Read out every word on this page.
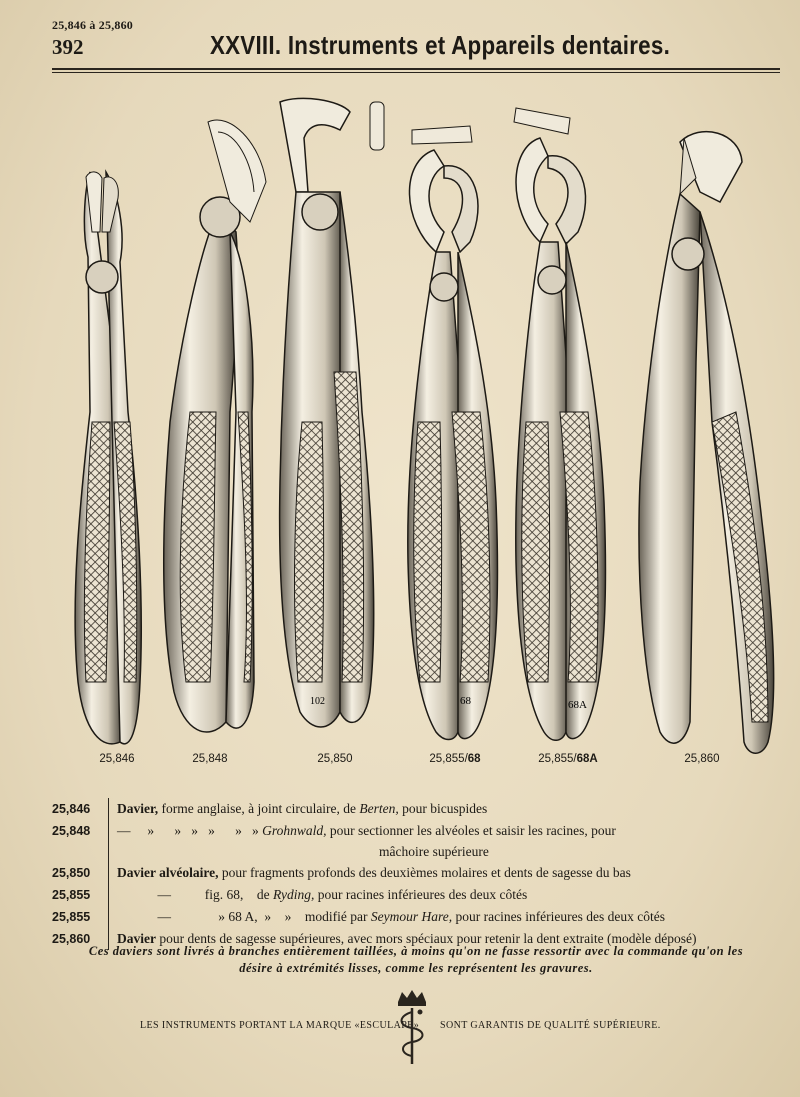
25,846 à 25,860
392	XXVIII. Instruments et Appareils dentaires.
102	68	68A
25,846	25,848	25,850	25,855/68	25,855/68A	25,860
25,846	Davier, forme anglaise, à joint circulaire, de Berten, pour bicuspides
25,848	—     »      »   »   »      »   » Grohnwald, pour sectionner les alvéoles et saisir les racines, pour
mâchoire supérieure
25,850	Davier alvéolaire, pour fragments profonds des deuxièmes molaires et dents de sagesse du bas
25,855	—          fig. 68,    de Ryding, pour racines inférieures des deux côtés
25,855	—              » 68 A,  »    »    modifié par Seymour Hare, pour racines inférieures des deux côtés
25,860	Davier pour dents de sagesse supérieures, avec mors spéciaux pour retenir la dent extraite (modèle déposé)
Ces daviers sont livrés à branches entièrement taillées, à moins qu'on ne fasse ressortir avec la commande qu'on les
désire à extrémités lisses, comme les représentent les gravures.
LES INSTRUMENTS PORTANT LA MARQUE «ESCULAPE» SONT GARANTIS DE QUALITÉ SUPÉRIEURE.
